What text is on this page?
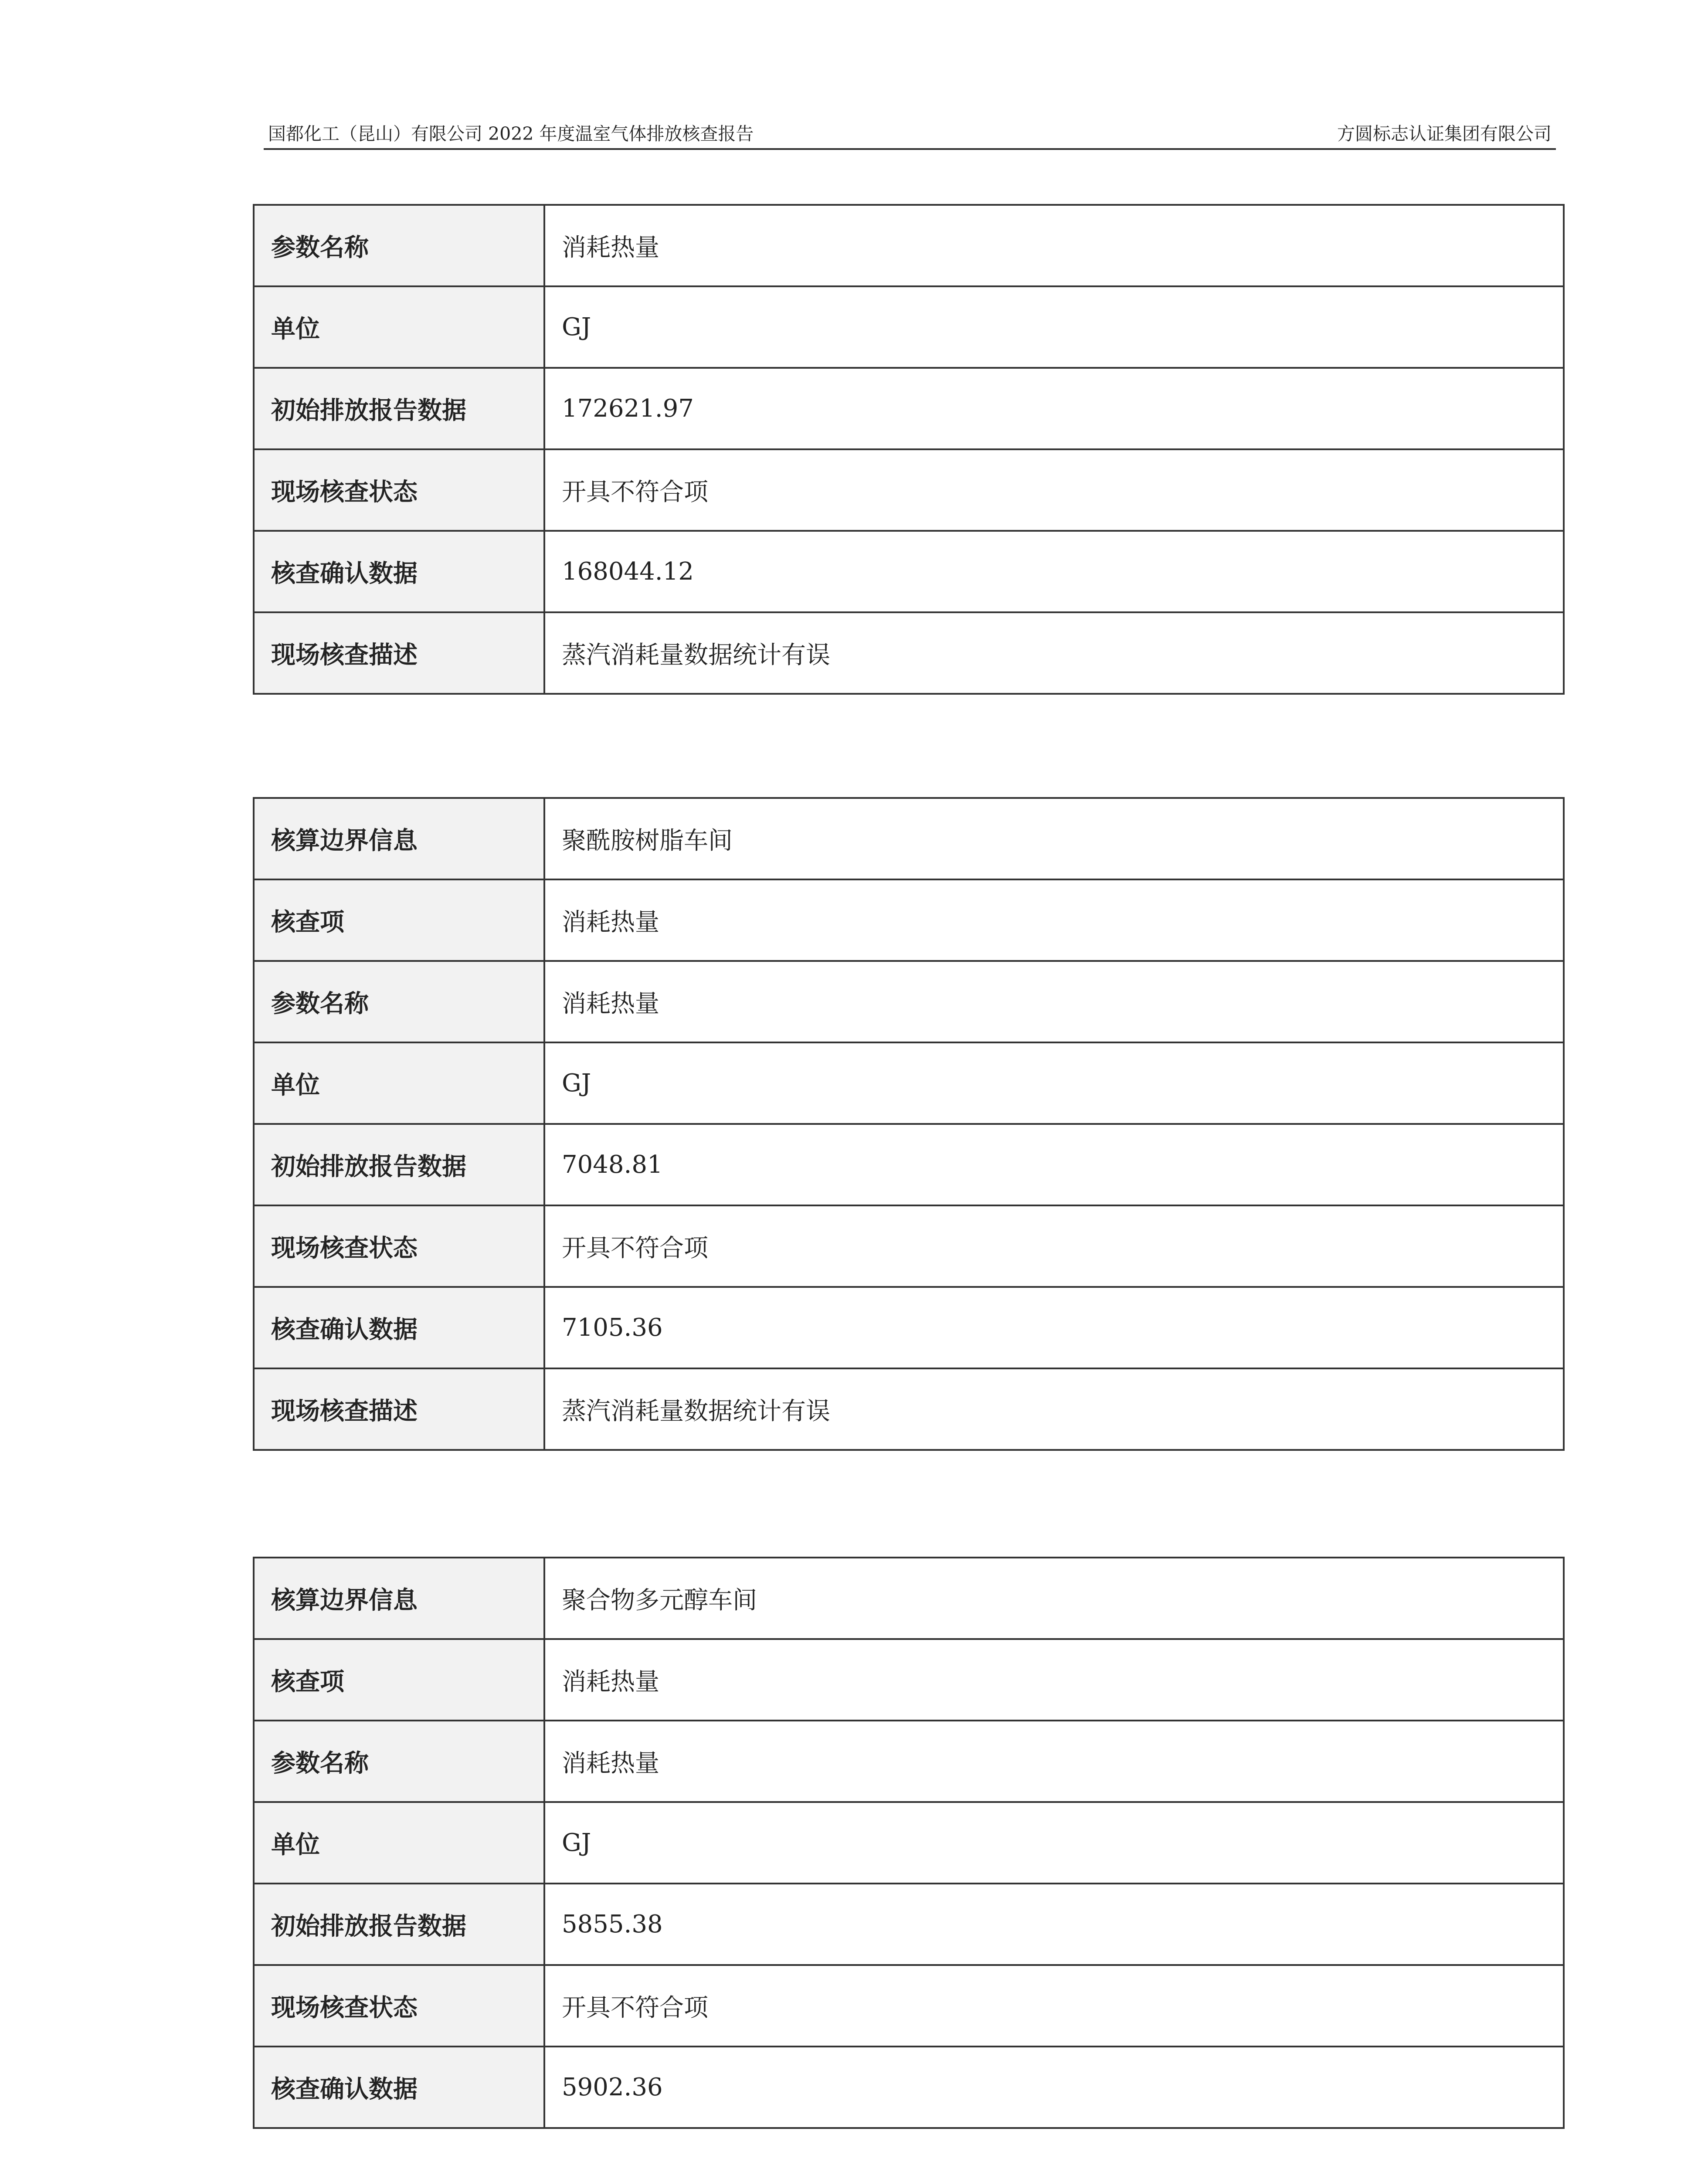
国都化工（昆山）有限公司 2022 年度温室气体排放核查报告	方圆标志认证集团有限公司
参数名称	消耗热量
单位	GJ
初始排放报告数据	172621.97
现场核查状态	开具不符合项
核查确认数据	168044.12
现场核查描述	蒸汽消耗量数据统计有误
核算边界信息	聚酰胺树脂车间
核查项	消耗热量
参数名称	消耗热量
单位	GJ
初始排放报告数据	7048.81
现场核查状态	开具不符合项
核查确认数据	7105.36
现场核查描述	蒸汽消耗量数据统计有误
核算边界信息	聚合物多元醇车间
核查项	消耗热量
参数名称	消耗热量
单位	GJ
初始排放报告数据	5855.38
现场核查状态	开具不符合项
核查确认数据	5902.36
